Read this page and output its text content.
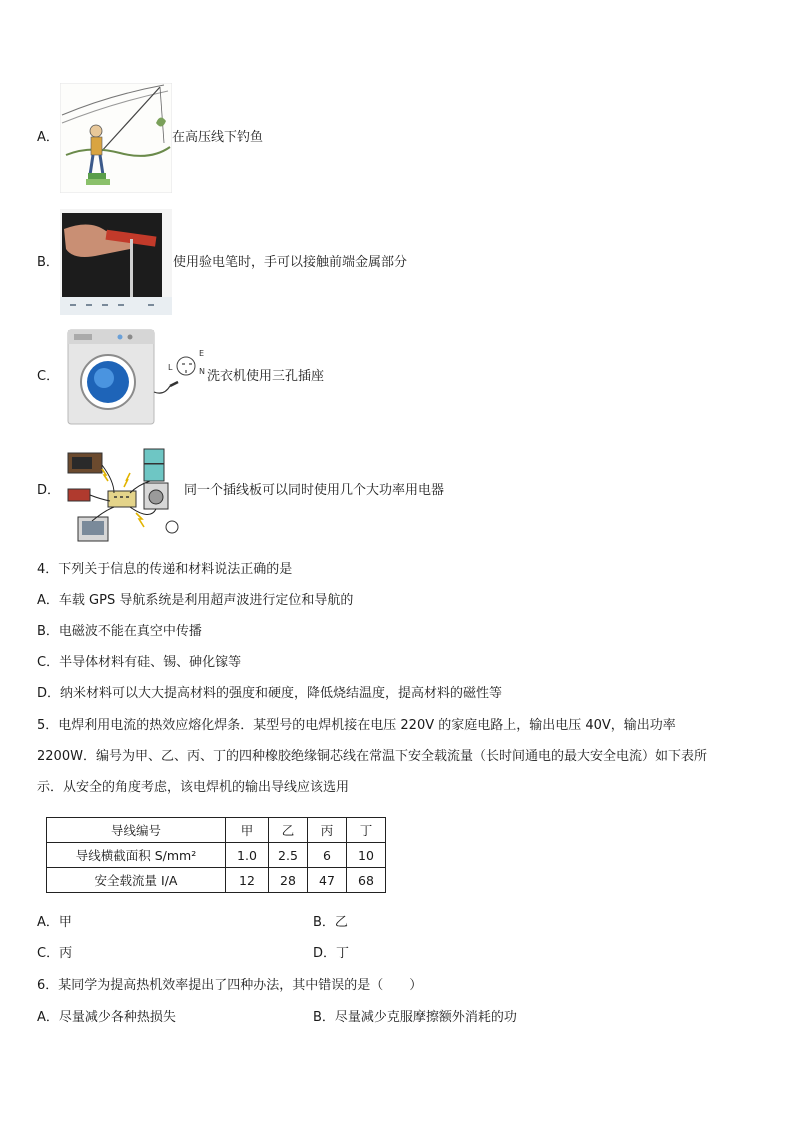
A．	在高压线下钓鱼
B．	使用验电笔时，手可以接触前端金属部分
C．
L
E
N 洗衣机使用三孔插座
D．	同一个插线板可以同时使用几个大功率用电器
4．下列关于信息的传递和材料说法正确的是
A．车载 GPS 导航系统是利用超声波进行定位和导航的
B．电磁波不能在真空中传播
C．半导体材料有硅、锡、砷化镓等
D．纳米材料可以大大提高材料的强度和硬度，降低烧结温度，提高材料的磁性等
5．电焊利用电流的热效应熔化焊条．某型号的电焊机接在电压 220V 的家庭电路上，输出电压 40V，输出功率
2200W．编号为甲、乙、丙、丁的四种橡胶绝缘铜芯线在常温下安全载流量（长时间通电的最大安全电流）如下表所
示．从安全的角度考虑，该电焊机的输出导线应该选用
导线编号	甲	乙	丙	丁
导线横截面积 S/mm²	1.0	2.5	6	10
安全载流量 I/A	12	28	47	68
A．甲	B．乙
C．丙	D．丁
6．某同学为提高热机效率提出了四种办法，其中错误的是（　　）
A．尽量减少各种热损失	B．尽量减少克服摩擦额外消耗的功
